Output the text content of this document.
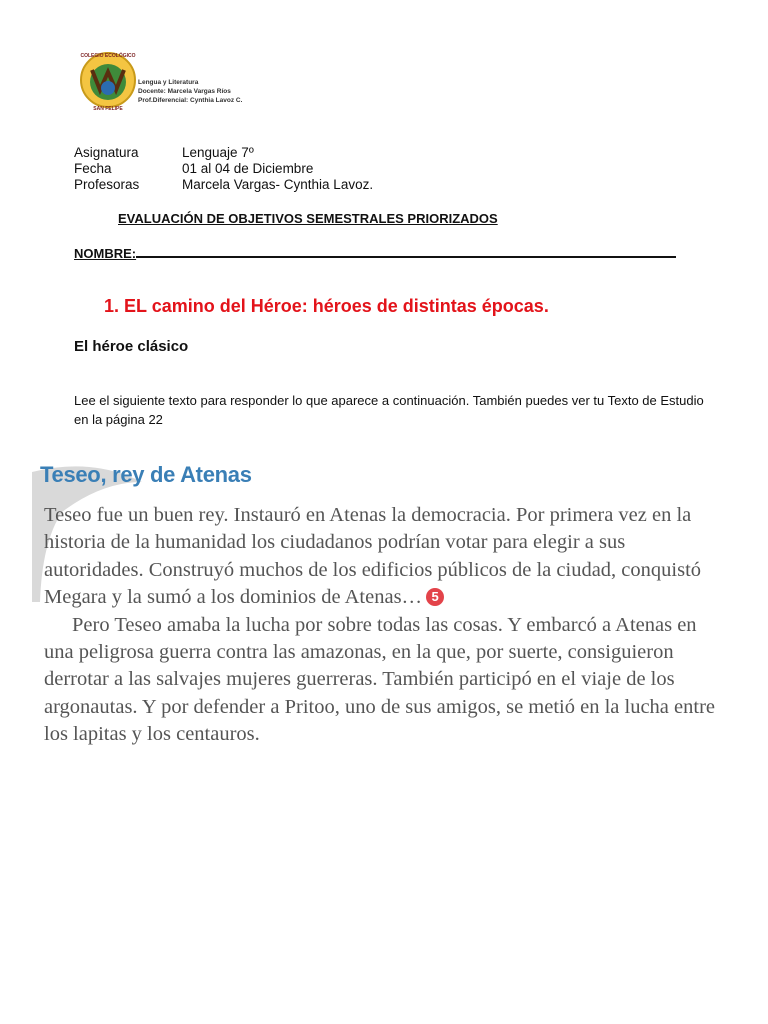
COLEGIO ECOLÓGICO
SAN FELIPE
Lengua y Literatura
Docente: Marcela Vargas Ríos
Prof.Diferencial: Cynthia Lavoz C.
Asignatura	Lenguaje 7º
Fecha	01 al 04 de Diciembre
Profesoras	Marcela Vargas- Cynthia Lavoz.
EVALUACIÓN DE OBJETIVOS SEMESTRALES PRIORIZADOS
NOMBRE:
1. EL camino del Héroe: héroes de distintas épocas.
El héroe clásico
Lee el siguiente texto para responder lo que aparece a continuación. También puedes ver tu Texto de Estudio en la página 22
Teseo, rey de Atenas

Teseo fue un buen rey. Instauró en Atenas la democracia. Por primera vez en la historia de la humanidad los ciudadanos podrían votar para elegir a sus autoridades. Construyó muchos de los edificios públicos de la ciudad, conquistó Megara y la sumó a los dominios de Atenas… 5

Pero Teseo amaba la lucha por sobre todas las cosas. Y embarcó a Atenas en una peligrosa guerra contra las amazonas, en la que, por suerte, consiguieron derrotar a las salvajes mujeres guerreras. También participó en el viaje de los argonautas. Y por defender a Pritoo, uno de sus amigos, se metió en la lucha entre los lapitas y los centauros.
